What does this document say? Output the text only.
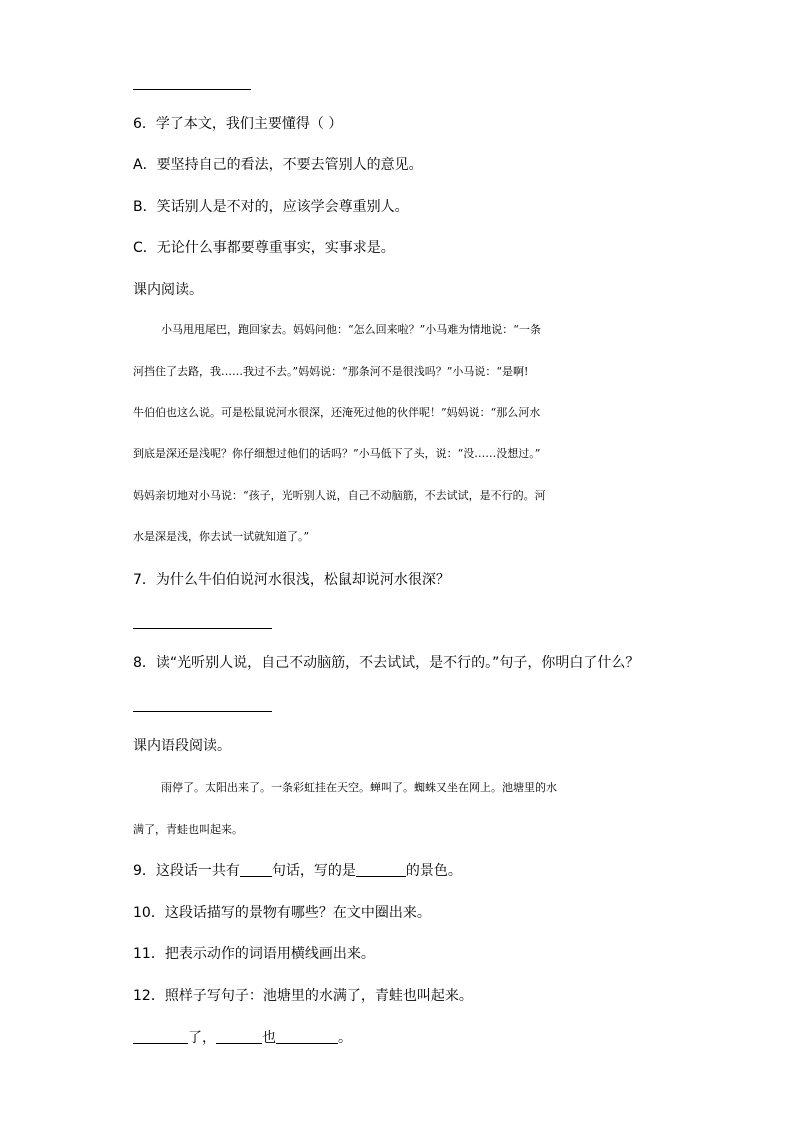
6．学了本文，我们主要懂得（ ）
A．要坚持自己的看法，不要去管别人的意见。
B．笑话别人是不对的，应该学会尊重别人。
C．无论什么事都要尊重事实，实事求是。
课内阅读。
小马甩甩尾巴，跑回家去。妈妈问他：“怎么回来啦？”小马难为情地说：“一条
河挡住了去路，我……我过不去。”妈妈说：“那条河不是很浅吗？”小马说：“是啊!
牛伯伯也这么说。可是松鼠说河水很深，还淹死过他的伙伴呢！”妈妈说：“那么河水
到底是深还是浅呢？你仔细想过他们的话吗？”小马低下了头，说：“没……没想过。”
妈妈亲切地对小马说：“孩子，光听别人说，自己不动脑筋，不去试试，是不行的。河
水是深是浅，你去试一试就知道了。”
7．为什么牛伯伯说河水很浅，松鼠却说河水很深？
8．读“光听别人说，自己不动脑筋，不去试试，是不行的。”句子，你明白了什么？
课内语段阅读。
雨停了。太阳出来了。一条彩虹挂在天空。蝉叫了。蜘蛛又坐在网上。池塘里的水
满了，青蛙也叫起来。
9．这段话一共有 句话，写的是	的景色。
10．这段话描写的景物有哪些？在文中圈出来。
11．把表示动作的词语用横线画出来。
12．照样子写句子：池塘里的水满了，青蛙也叫起来。
了，	也	。
